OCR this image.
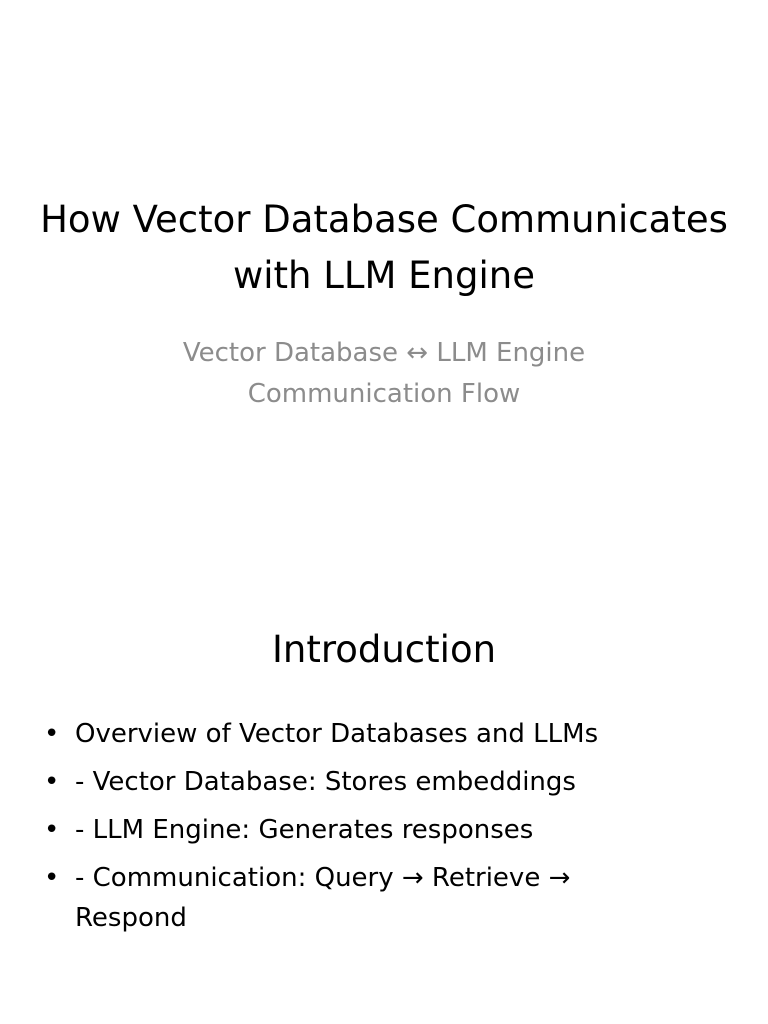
How Vector Database Communicates with LLM Engine
Vector Database ↔ LLM Engine
Communication Flow
Introduction
• Overview of Vector Databases and LLMs
• - Vector Database: Stores embeddings
• - LLM Engine: Generates responses
• - Communication: Query → Retrieve → Respond
